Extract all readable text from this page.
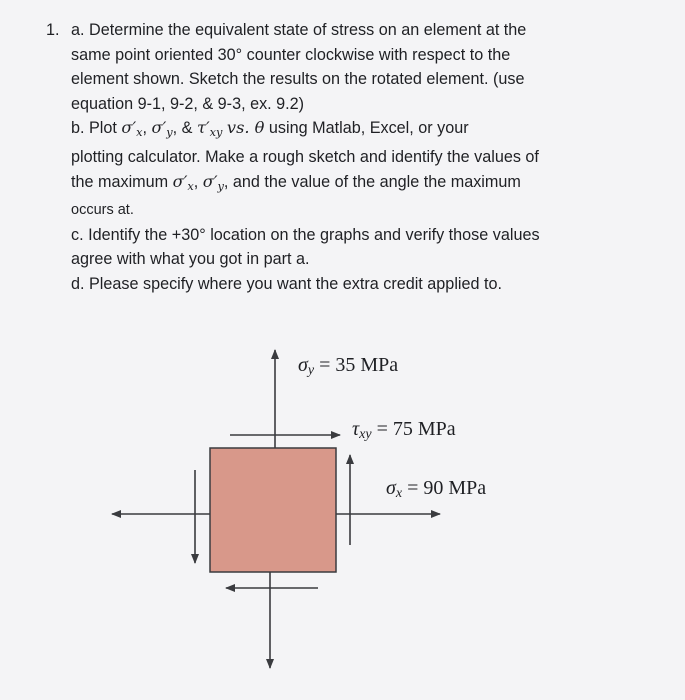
1. a. Determine the equivalent state of stress on an element at the
same point oriented 30° counter clockwise with respect to the
element shown. Sketch the results on the rotated element. (use
equation 9-1, 9-2, & 9-3, ex. 9.2)
b. Plot $\sigma'_x$, $\sigma'_y$, & $\tau'_{xy}$ vs. θ using Matlab, Excel, or your
plotting calculator. Make a rough sketch and identify the values of
the maximum $\sigma'_x$, $\sigma'_y$, and the value of the angle the maximum
occurs at.
c. Identify the +30° location on the graphs and verify those values
agree with what you got in part a.
d. Please specify where you want the extra credit applied to.
$\sigma_y = 35$ MPa
$\tau_{xy} = 75$ MPa
$\sigma_x = 90$ MPa
